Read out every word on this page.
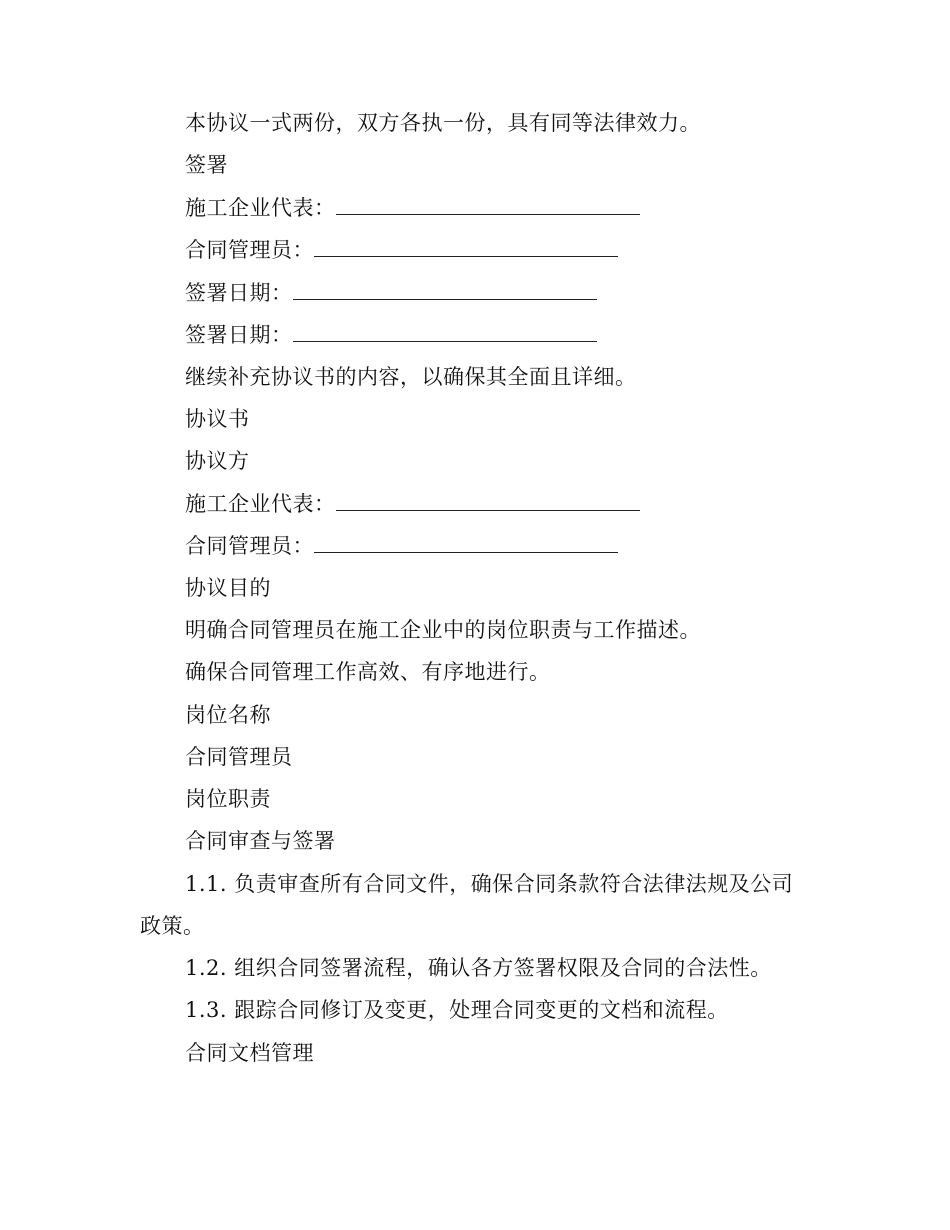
本协议一式两份，双方各执一份，具有同等法律效力。
签署
施工企业代表：
合同管理员：
签署日期：
签署日期：
继续补充协议书的内容，以确保其全面且详细。
协议书
协议方
施工企业代表：
合同管理员：
协议目的
明确合同管理员在施工企业中的岗位职责与工作描述。
确保合同管理工作高效、有序地进行。
岗位名称
合同管理员
岗位职责
合同审查与签署
1.1. 负责审查所有合同文件，确保合同条款符合法律法规及公司
政策。
1.2. 组织合同签署流程，确认各方签署权限及合同的合法性。
1.3. 跟踪合同修订及变更，处理合同变更的文档和流程。
合同文档管理
